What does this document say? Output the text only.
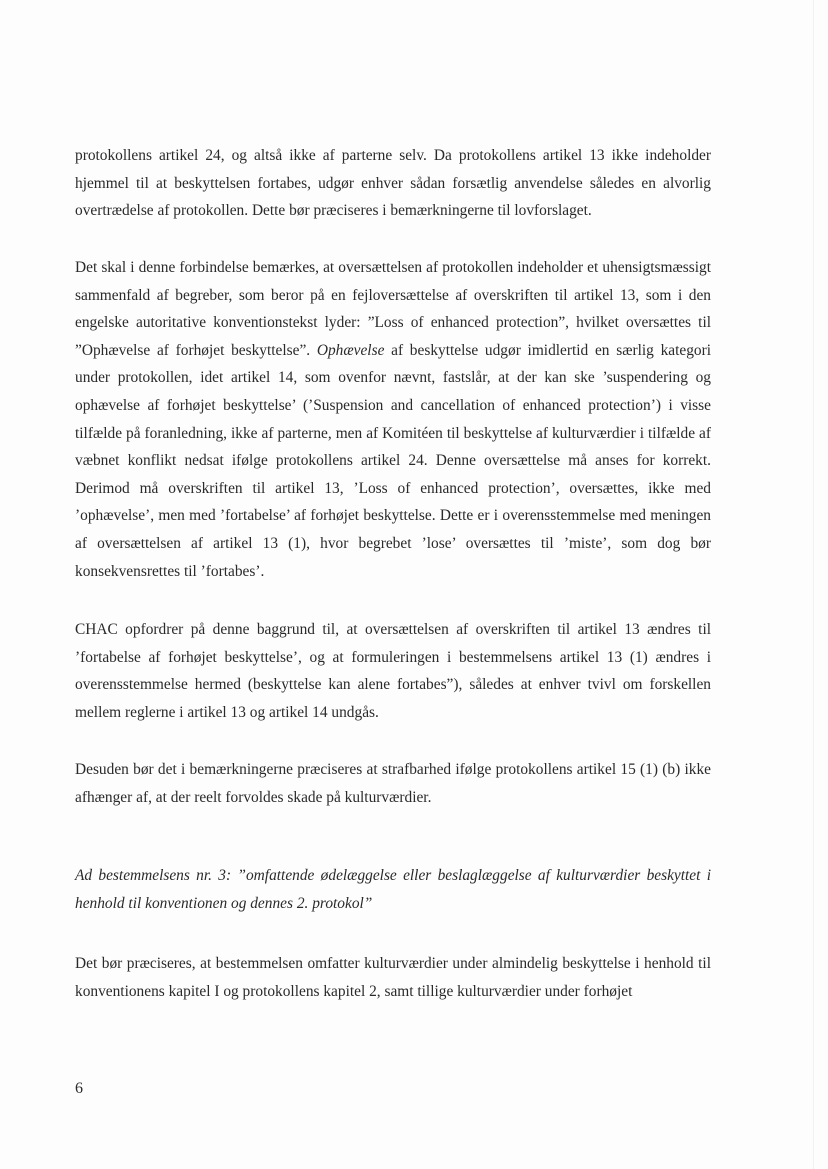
protokollens artikel 24, og altså ikke af parterne selv. Da protokollens artikel 13 ikke indeholder hjemmel til at beskyttelsen fortabes, udgør enhver sådan forsætlig anvendelse således en alvorlig overtrædelse af protokollen. Dette bør præciseres i bemærkningerne til lovforslaget.

Det skal i denne forbindelse bemærkes, at oversættelsen af protokollen indeholder et uhensigtsmæssigt sammenfald af begreber, som beror på en fejloversættelse af overskriften til artikel 13, som i den engelske autoritative konventionstekst lyder: ”Loss of enhanced protection”, hvilket oversættes til ”Ophævelse af forhøjet beskyttelse”. Ophævelse af beskyttelse udgør imidlertid en særlig kategori under protokollen, idet artikel 14, som ovenfor nævnt, fastslår, at der kan ske ’suspendering og ophævelse af forhøjet beskyttelse’ (’Suspension and cancellation of enhanced protection’) i visse tilfælde på foranledning, ikke af parterne, men af Komitéen til beskyttelse af kulturværdier i tilfælde af væbnet konflikt nedsat ifølge protokollens artikel 24. Denne oversættelse må anses for korrekt. Derimod må overskriften til artikel 13, ’Loss of enhanced protection’, oversættes, ikke med ’ophævelse’, men med ’fortabelse’ af forhøjet beskyttelse. Dette er i overensstemmelse med meningen af oversættelsen af artikel 13 (1), hvor begrebet ’lose’ oversættes til ’miste’, som dog bør konsekvensrettes til ’fortabes’.

CHAC opfordrer på denne baggrund til, at oversættelsen af overskriften til artikel 13 ændres til ’fortabelse af forhøjet beskyttelse’, og at formuleringen i bestemmelsens artikel 13 (1) ændres i overensstemmelse hermed (beskyttelse kan alene fortabes”), således at enhver tvivl om forskellen mellem reglerne i artikel 13 og artikel 14 undgås.

Desuden bør det i bemærkningerne præciseres at strafbarhed ifølge protokollens artikel 15 (1) (b) ikke afhænger af, at der reelt forvoldes skade på kulturværdier.

Ad bestemmelsens nr. 3: ”omfattende ødelæggelse eller beslaglæggelse af kulturværdier beskyttet i henhold til konventionen og dennes 2. protokol”

Det bør præciseres, at bestemmelsen omfatter kulturværdier under almindelig beskyttelse i henhold til konventionens kapitel I og protokollens kapitel 2, samt tillige kulturværdier under forhøjet

6
